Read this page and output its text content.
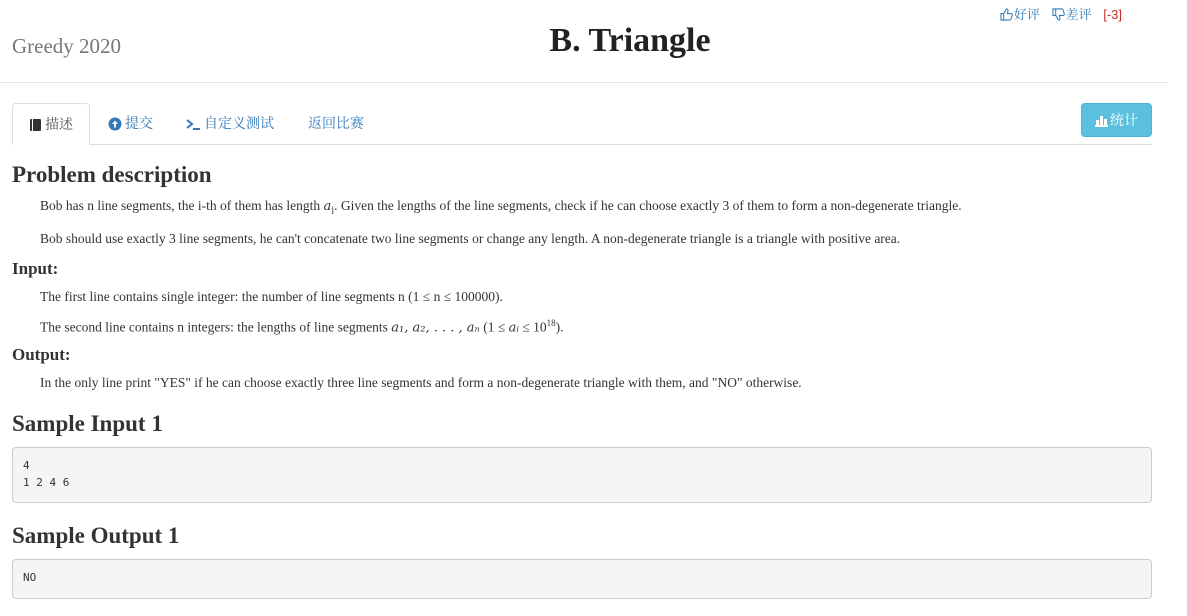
Greedy 2020	B. Triangle
好评 差评 [-3]
描述	提交	自定义测试 返回比赛	统计
Problem description

Bob has n line segments, the i-th of them has length $a_i$. Given the lengths of the line segments, check if he can choose exactly 3 of them to form a non-degenerate triangle.

Bob should use exactly 3 line segments, he can't concatenate two line segments or change any length. A non-degenerate triangle is a triangle with positive area.

Input:

The first line contains single integer: the number of line segments n (1 ≤ n ≤ 100000).

The second line contains n integers: the lengths of line segments a₁, a₂, . . . , aₙ (1 ≤ aᵢ ≤ $10^{18}$).

Output:

In the only line print "YES" if he can choose exactly three line segments and form a non-degenerate triangle with them, and "NO" otherwise.

Sample Input 1
4
1 2 4 6
Sample Output 1
NO
